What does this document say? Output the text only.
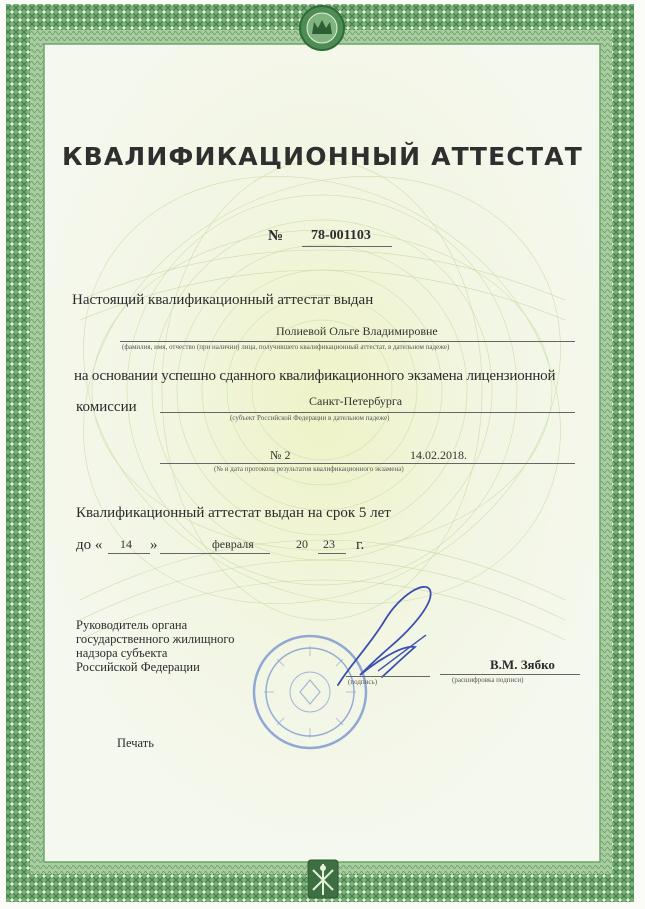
КВАЛИФИКАЦИОННЫЙ АТТЕСТАТ
№ 78-001103
Настоящий квалификационный аттестат выдан
Полиевой Ольге Владимировне
(фамилия, имя, отчество (при наличии) лица, получившего квалификационный аттестат, в дательном падеже)
на основании успешно сданного квалификационного экзамена лицензионной
комиссии	Санкт-Петербурга
(субъект Российской Федерации в дательном падеже)
№ 2	14.02.2018.
(№ и дата протокола результатов квалификационного экзамена)
Квалификационный аттестат выдан на срок 5 лет
до « 14 »	февраля	20 23 г.
Руководитель органа
государственного жилищного
надзора субъекта
Российской Федерации
(подпись)
В.М. Зябко
(расшифровка подписи)
Печать
